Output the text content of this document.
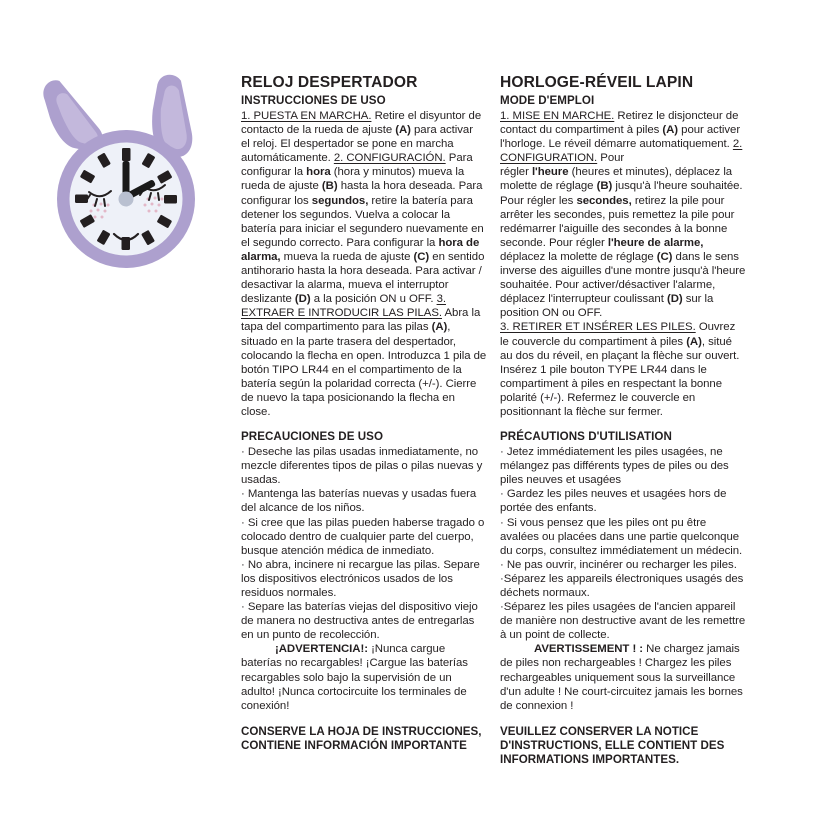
RELOJ DESPERTADOR
INSTRUCCIONES DE USO
1. PUESTA EN MARCHA. Retire el disyuntor de contacto de la rueda de ajuste (A) para activar
el reloj. El despertador se pone en marcha automáticamente. 2. CONFIGURACIÓN. Para configurar la hora (hora y minutos) mueva la rueda de ajuste (B) hasta la hora deseada. Para configurar los segundos, retire la batería para detener los segundos. Vuelva a colocar la batería para iniciar el segundero nuevamente en el segundo correcto. Para configurar la hora de alarma, mueva la rueda de ajuste (C) en sentido antihorario hasta la hora deseada. Para activar / desactivar la alarma, mueva el interruptor deslizante (D) a la posición ON u OFF. 3. EXTRAER E INTRODUCIR LAS PILAS. Abra la tapa del compartimento para las pilas (A), situado en la parte trasera del despertador, colocando la flecha en open. Introduzca 1 pila de botón TIPO LR44 en el compartimento de la batería según la polaridad correcta (+/-). Cierre de nuevo la tapa posicionando la flecha en close.
PRECAUCIONES DE USO
· Deseche las pilas usadas inmediatamente, no mezcle diferentes tipos de pilas o pilas nuevas y usadas.
· Mantenga las baterías nuevas y usadas fuera del alcance de los niños.
· Si cree que las pilas pueden haberse tragado o colocado dentro de cualquier parte del cuerpo, busque atención médica de inmediato.
· No abra, incinere ni recargue las pilas. Separe los dispositivos electrónicos usados de los residuos normales.
· Separe las baterías viejas del dispositivo viejo de manera no destructiva antes de entregarlas en un punto de recolección.
¡ADVERTENCIA!: ¡Nunca cargue baterías no recargables! ¡Cargue las baterías recargables solo bajo la supervisión de un adulto! ¡Nunca cortocircuite los terminales de conexión!
CONSERVE LA HOJA DE INSTRUCCIONES, CONTIENE INFORMACIÓN IMPORTANTE
HORLOGE-RÉVEIL LAPIN
MODE D'EMPLOI
1. MISE EN MARCHE. Retirez le disjoncteur de contact du compartiment à piles (A) pour activer l'horloge. Le réveil démarre automatiquement. 2. CONFIGURATION. Pour
régler l'heure (heures et minutes), déplacez la molette de réglage (B) jusqu'à l'heure souhaitée. Pour régler les secondes, retirez la pile pour arrêter les secondes, puis remettez la pile pour redémarrer l'aiguille des secondes à la bonne seconde. Pour régler l'heure de alarme, déplacez la molette de réglage (C) dans le sens inverse des aiguilles d'une montre jusqu'à l'heure souhaitée. Pour activer/désactiver l'alarme, déplacez l'interrupteur coulissant (D) sur la position ON ou OFF.
3. RETIRER ET INSÉRER LES PILES. Ouvrez le couvercle du compartiment à piles (A), situé au dos du réveil, en plaçant la flèche sur ouvert. Insérez 1 pile bouton TYPE LR44 dans le compartiment à piles en respectant la bonne polarité (+/-). Refermez le couvercle en positionnant la flèche sur fermer.
PRÉCAUTIONS D'UTILISATION
· Jetez immédiatement les piles usagées, ne mélangez pas différents types de piles ou des piles neuves et usagées
· Gardez les piles neuves et usagées hors de portée des enfants.
· Si vous pensez que les piles ont pu être avalées ou placées dans une partie quelconque du corps, consultez immédiatement un médecin.
· Ne pas ouvrir, incinérer ou recharger les piles.
·Séparez les appareils électroniques usagés des déchets normaux.
·Séparez les piles usagées de l'ancien appareil de manière non destructive avant de les remettre à un point de collecte.
AVERTISSEMENT ! : Ne chargez jamais de piles non rechargeables ! Chargez les piles rechargeables uniquement sous la surveillance d'un adulte ! Ne court-circuitez jamais les bornes de connexion !
VEUILLEZ CONSERVER LA NOTICE D'INSTRUCTIONS, ELLE CONTIENT DES INFORMATIONS IMPORTANTES.
